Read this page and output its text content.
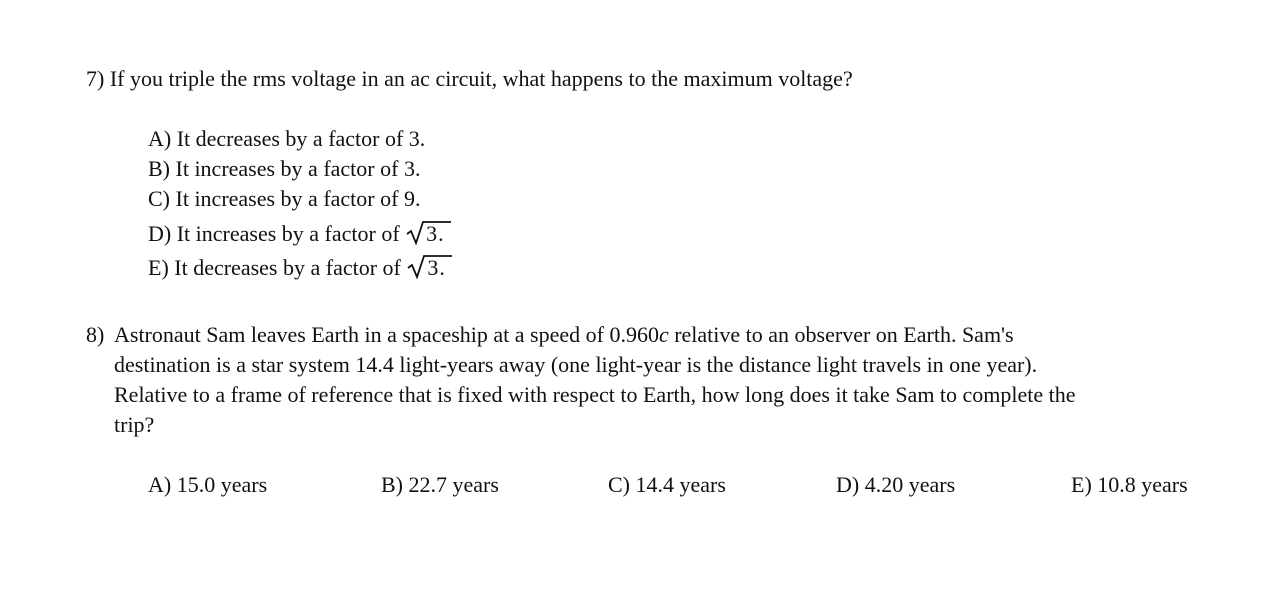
7) If you triple the rms voltage in an ac circuit, what happens to the maximum voltage?
A) It decreases by a factor of 3.
B) It increases by a factor of 3.
C) It increases by a factor of 9.
D) It increases by a factor of
3.
E) It decreases by a factor of
3.
8) Astronaut Sam leaves Earth in a spaceship at a speed of 0.960c relative to an observer on Earth. Sam's
destination is a star system 14.4 light-years away (one light-year is the distance light travels in one year).
Relative to a frame of reference that is fixed with respect to Earth, how long does it take Sam to complete the
trip?
A) 15.0 years	B) 22.7 years	C) 14.4 years	D) 4.20 years	E) 10.8 years
